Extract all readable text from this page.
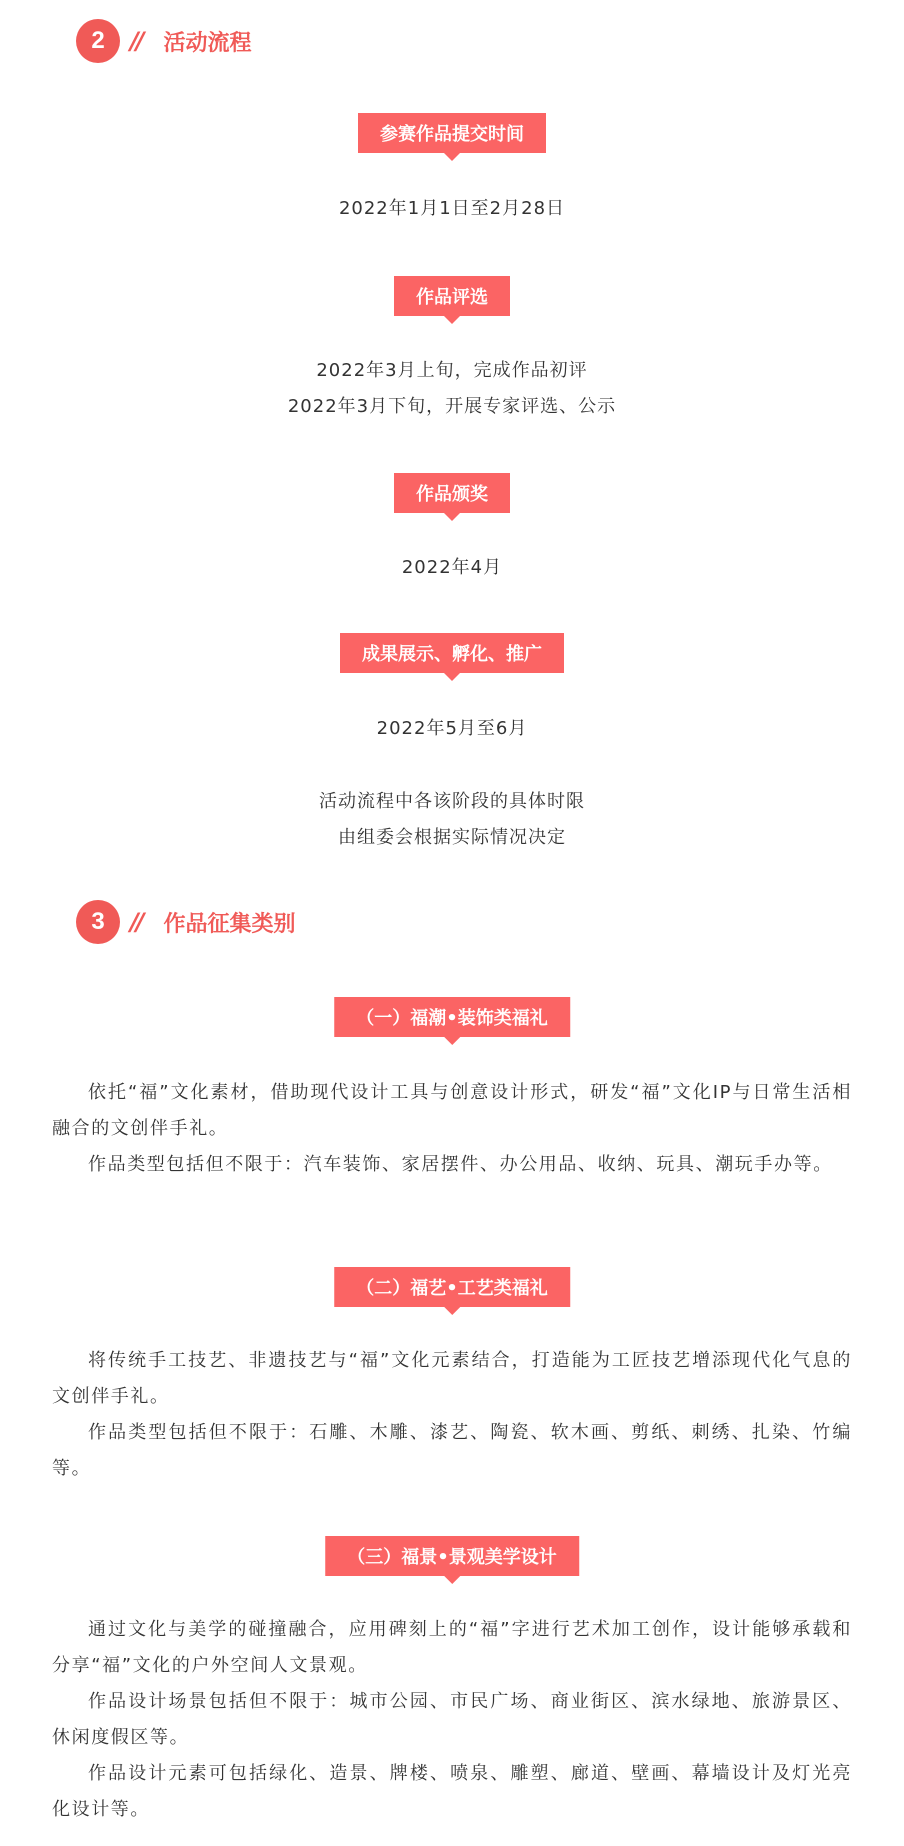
2	// 活动流程
参赛作品提交时间
2022年1月1日至2月28日
作品评选
2022年3月上旬，完成作品初评
2022年3月下旬，开展专家评选、公示
作品颁奖
2022年4月
成果展示、孵化、推广
2022年5月至6月
活动流程中各该阶段的具体时限
由组委会根据实际情况决定
3	// 作品征集类别
（一）福潮•装饰类福礼

依托“福”文化素材，借助现代设计工具与创意设计形式，研发“福”文化IP与日常生活相融合的文创伴手礼。

作品类型包括但不限于：汽车装饰、家居摆件、办公用品、收纳、玩具、潮玩手办等。

（二）福艺•工艺类福礼

将传统手工技艺、非遗技艺与“福”文化元素结合，打造能为工匠技艺增添现代化气息的文创伴手礼。

作品类型包括但不限于：石雕、木雕、漆艺、陶瓷、软木画、剪纸、刺绣、扎染、竹编等。

（三）福景•景观美学设计

通过文化与美学的碰撞融合，应用碑刻上的“福”字进行艺术加工创作，设计能够承载和分享“福”文化的户外空间人文景观。

作品设计场景包括但不限于：城市公园、市民广场、商业街区、滨水绿地、旅游景区、休闲度假区等。

作品设计元素可包括绿化、造景、牌楼、喷泉、雕塑、廊道、壁画、幕墙设计及灯光亮化设计等。
